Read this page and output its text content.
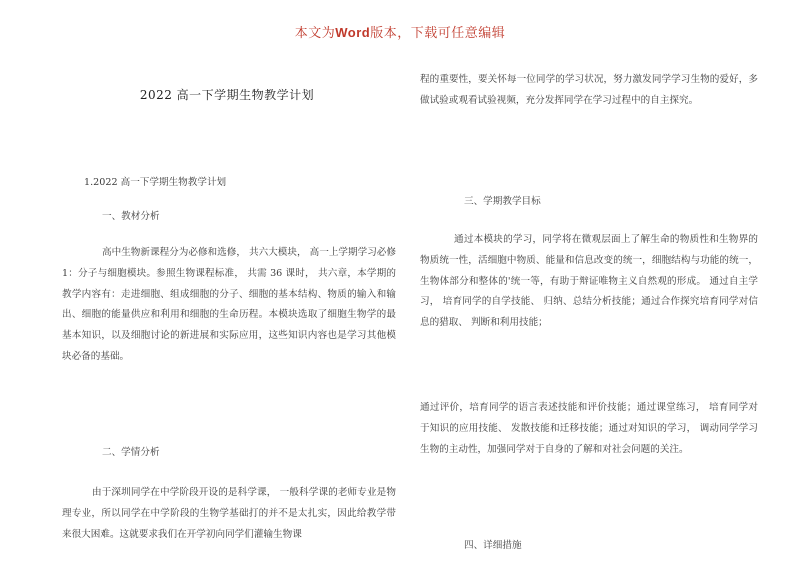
本文为Word版本，下载可任意编辑
2022 高一下学期生物教学计划
1.2022 高一下学期生物教学计划
一、教材分析
高中生物新课程分为必修和选修， 共六大模块， 高一上学期学习必修 1：分子与细胞模块。参照生物课程标准， 共需 36 课时， 共六章，本学期的教学内容有：走进细胞、组成细胞的分子、细胞的基本结构、物质的输入和输出、细胞的能量供应和利用和细胞的生命历程。本模块选取了细胞生物学的最基本知识，以及细胞讨论的新进展和实际应用，这些知识内容也是学习其他模块必备的基础。
二、学情分析
由于深圳同学在中学阶段开设的是科学课， 一般科学课的老师专业是物理专业，所以同学在中学阶段的生物学基础打的并不是太扎实，因此给教学带来很大困难。这就要求我们在开学初向同学们灌输生物课
程的重要性，要关怀每一位同学的学习状况，努力激发同学学习生物的爱好，多做试验或观看试验视频，充分发挥同学在学习过程中的自主探究。
三、学期教学目标
通过本模块的学习，同学将在微观层面上了解生命的物质性和生物界的物质统一性，活细胞中物质、能量和信息改变的统一，细胞结构与功能的统一，生物体部分和整体的'统一等，有助于辩证唯物主义自然观的形成。 通过自主学习， 培育同学的自学技能、 归纳、总结分析技能；通过合作探究培育同学对信息的猎取、 判断和利用技能；
通过评价，培育同学的语言表述技能和评价技能；通过课堂练习， 培育同学对于知识的应用技能、 发散技能和迁移技能；通过对知识的学习， 调动同学学习生物的主动性，加强同学对于自身的了解和对社会问题的关注。
四、详细措施
